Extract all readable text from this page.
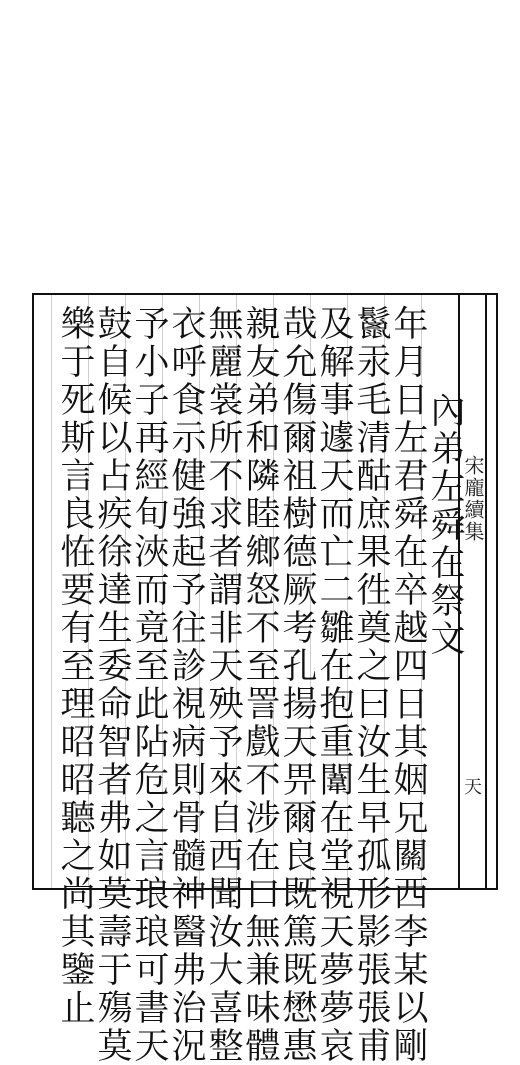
宋龐續集
天
內弟左舜在祭文
年月日左君舜在卒越四日其姻兄關西李某以剛
鬣汞毛清酤庶果徃奠之曰汝生早孤形影張張甫
及解事遽天而亡二雛在抱重闈在堂視天夢夢哀
哉允傷爾祖樹德厥考孔揚天畀爾良既篤既懋惠
親友弟和隣睦鄉怒不至詈戲不涉在口無兼味體
無麗裳所不求者謂非天殃予來自西聞汝大喜整
衣呼食示健強起予往診視病則骨髓神醫弗治況
予小子再經旬浹而竟至此阽危之言琅琅可書天
鼓自候以占疾徐達生委命智者弗如莫壽于殤莫
樂于死斯言良恠要有至理昭昭聽之尚其鑒止
